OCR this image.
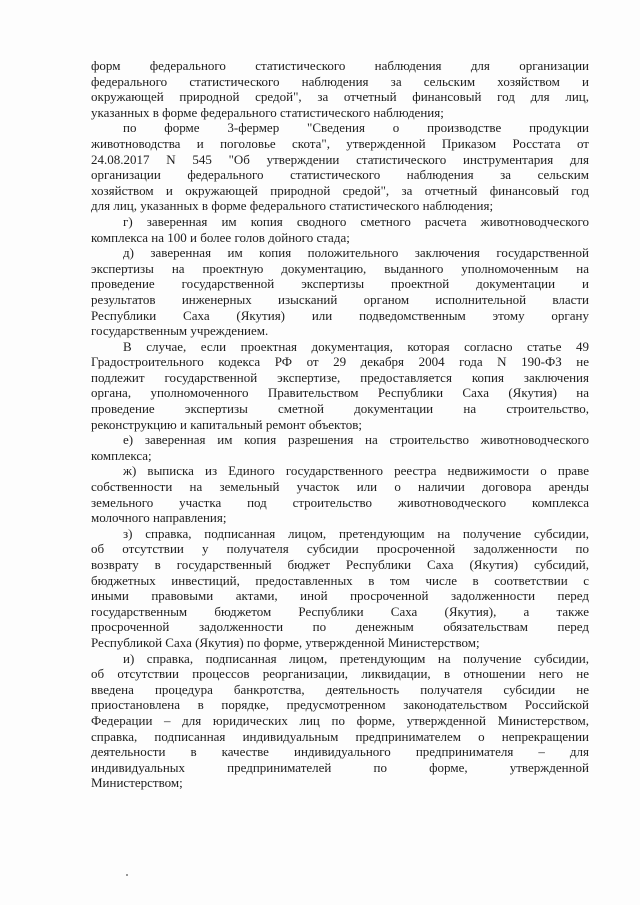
форм федерального статистического наблюдения для организации
федерального статистического наблюдения за сельским хозяйством и
окружающей природной средой", за отчетный финансовый год для лиц,
указанных в форме федерального статистического наблюдения;
по форме 3-фермер "Сведения о производстве продукции
животноводства и поголовье скота", утвержденной Приказом Росстата от
24.08.2017 N 545 "Об утверждении статистического инструментария для
организации федерального статистического наблюдения за сельским
хозяйством и окружающей природной средой", за отчетный финансовый год
для лиц, указанных в форме федерального статистического наблюдения;
г) заверенная им копия сводного сметного расчета животноводческого
комплекса на 100 и более голов дойного стада;
д) заверенная им копия положительного заключения государственной
экспертизы на проектную документацию, выданного уполномоченным на
проведение государственной экспертизы проектной документации и
результатов инженерных изысканий органом исполнительной власти
Республики Саха (Якутия) или подведомственным этому органу
государственным учреждением.
В случае, если проектная документация, которая согласно статье 49
Градостроительного кодекса РФ от 29 декабря 2004 года N 190-ФЗ не
подлежит государственной экспертизе, предоставляется копия заключения
органа, уполномоченного Правительством Республики Саха (Якутия) на
проведение экспертизы сметной документации на строительство,
реконструкцию и капитальный ремонт объектов;
е) заверенная им копия разрешения на строительство животноводческого
комплекса;
ж) выписка из Единого государственного реестра недвижимости о праве
собственности на земельный участок или о наличии договора аренды
земельного участка под строительство животноводческого комплекса
молочного направления;
з) справка, подписанная лицом, претендующим на получение субсидии,
об отсутствии у получателя субсидии просроченной задолженности по
возврату в государственный бюджет Республики Саха (Якутия) субсидий,
бюджетных инвестиций, предоставленных в том числе в соответствии с
иными правовыми актами, иной просроченной задолженности перед
государственным бюджетом Республики Саха (Якутия), а также
просроченной задолженности по денежным обязательствам перед
Республикой Саха (Якутия) по форме, утвержденной Министерством;
и) справка, подписанная лицом, претендующим на получение субсидии,
об отсутствии процессов реорганизации, ликвидации, в отношении него не
введена процедура банкротства, деятельность получателя субсидии не
приостановлена в порядке, предусмотренном законодательством Российской
Федерации – для юридических лиц по форме, утвержденной Министерством,
справка, подписанная индивидуальным предпринимателем о непрекращении
деятельности в качестве индивидуального предпринимателя – для
индивидуальных предпринимателей по форме, утвержденной
Министерством;
